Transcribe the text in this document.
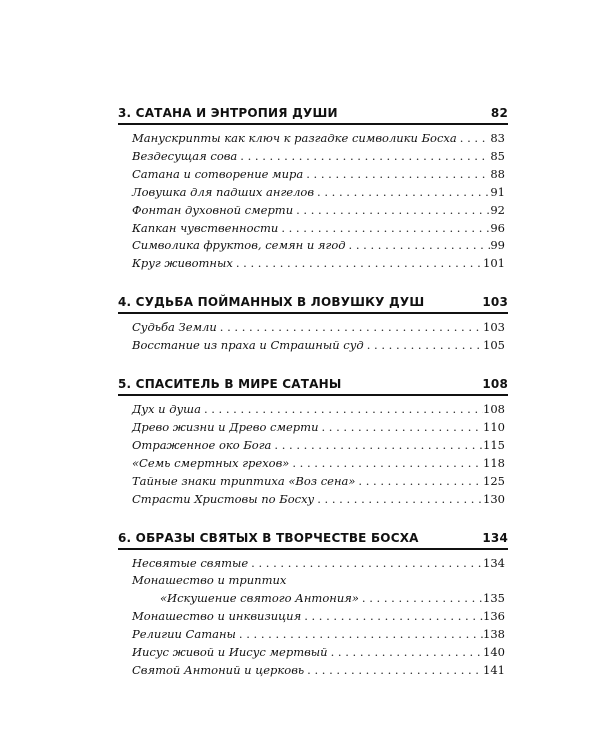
3. САТАНА И ЭНТРОПИЯ ДУШИ	82
Манускрипты как ключ к разгадке символики Босха . . .	83
Вездесущая сова . . .	85
Сатана и сотворение мира . . .	88
Ловушка для падших ангелов . . .	91
Фонтан духовной смерти . . .	92
Капкан чувственности . . .	96
Символика фруктов, семян и ягод . . .	99
Круг животных . . .	101
4. СУДЬБА ПОЙМАННЫХ В ЛОВУШКУ ДУШ	103
Судьба Земли . . .	103
Восстание из праха и Страшный суд . . .	105
5. СПАСИТЕЛЬ В МИРЕ САТАНЫ	108
Дух и душа . . .	108
Древо жизни и Древо смерти . . .	110
Отраженное око Бога . . .	115
«Семь смертных грехов» . . .	118
Тайные знаки триптиха «Воз сена» . . .	125
Страсти Христовы по Босху . . .	130
6. ОБРАЗЫ СВЯТЫХ В ТВОРЧЕСТВЕ БОСХА	134
Несвятые святые . . .	134
Монашество и триптих
«Искушение святого Антония» . . .	135
Монашество и инквизиция . . .	136
Религии Сатаны . . .	138
Иисус живой и Иисус мертвый . . .	140
Святой Антоний и церковь . . .	141
